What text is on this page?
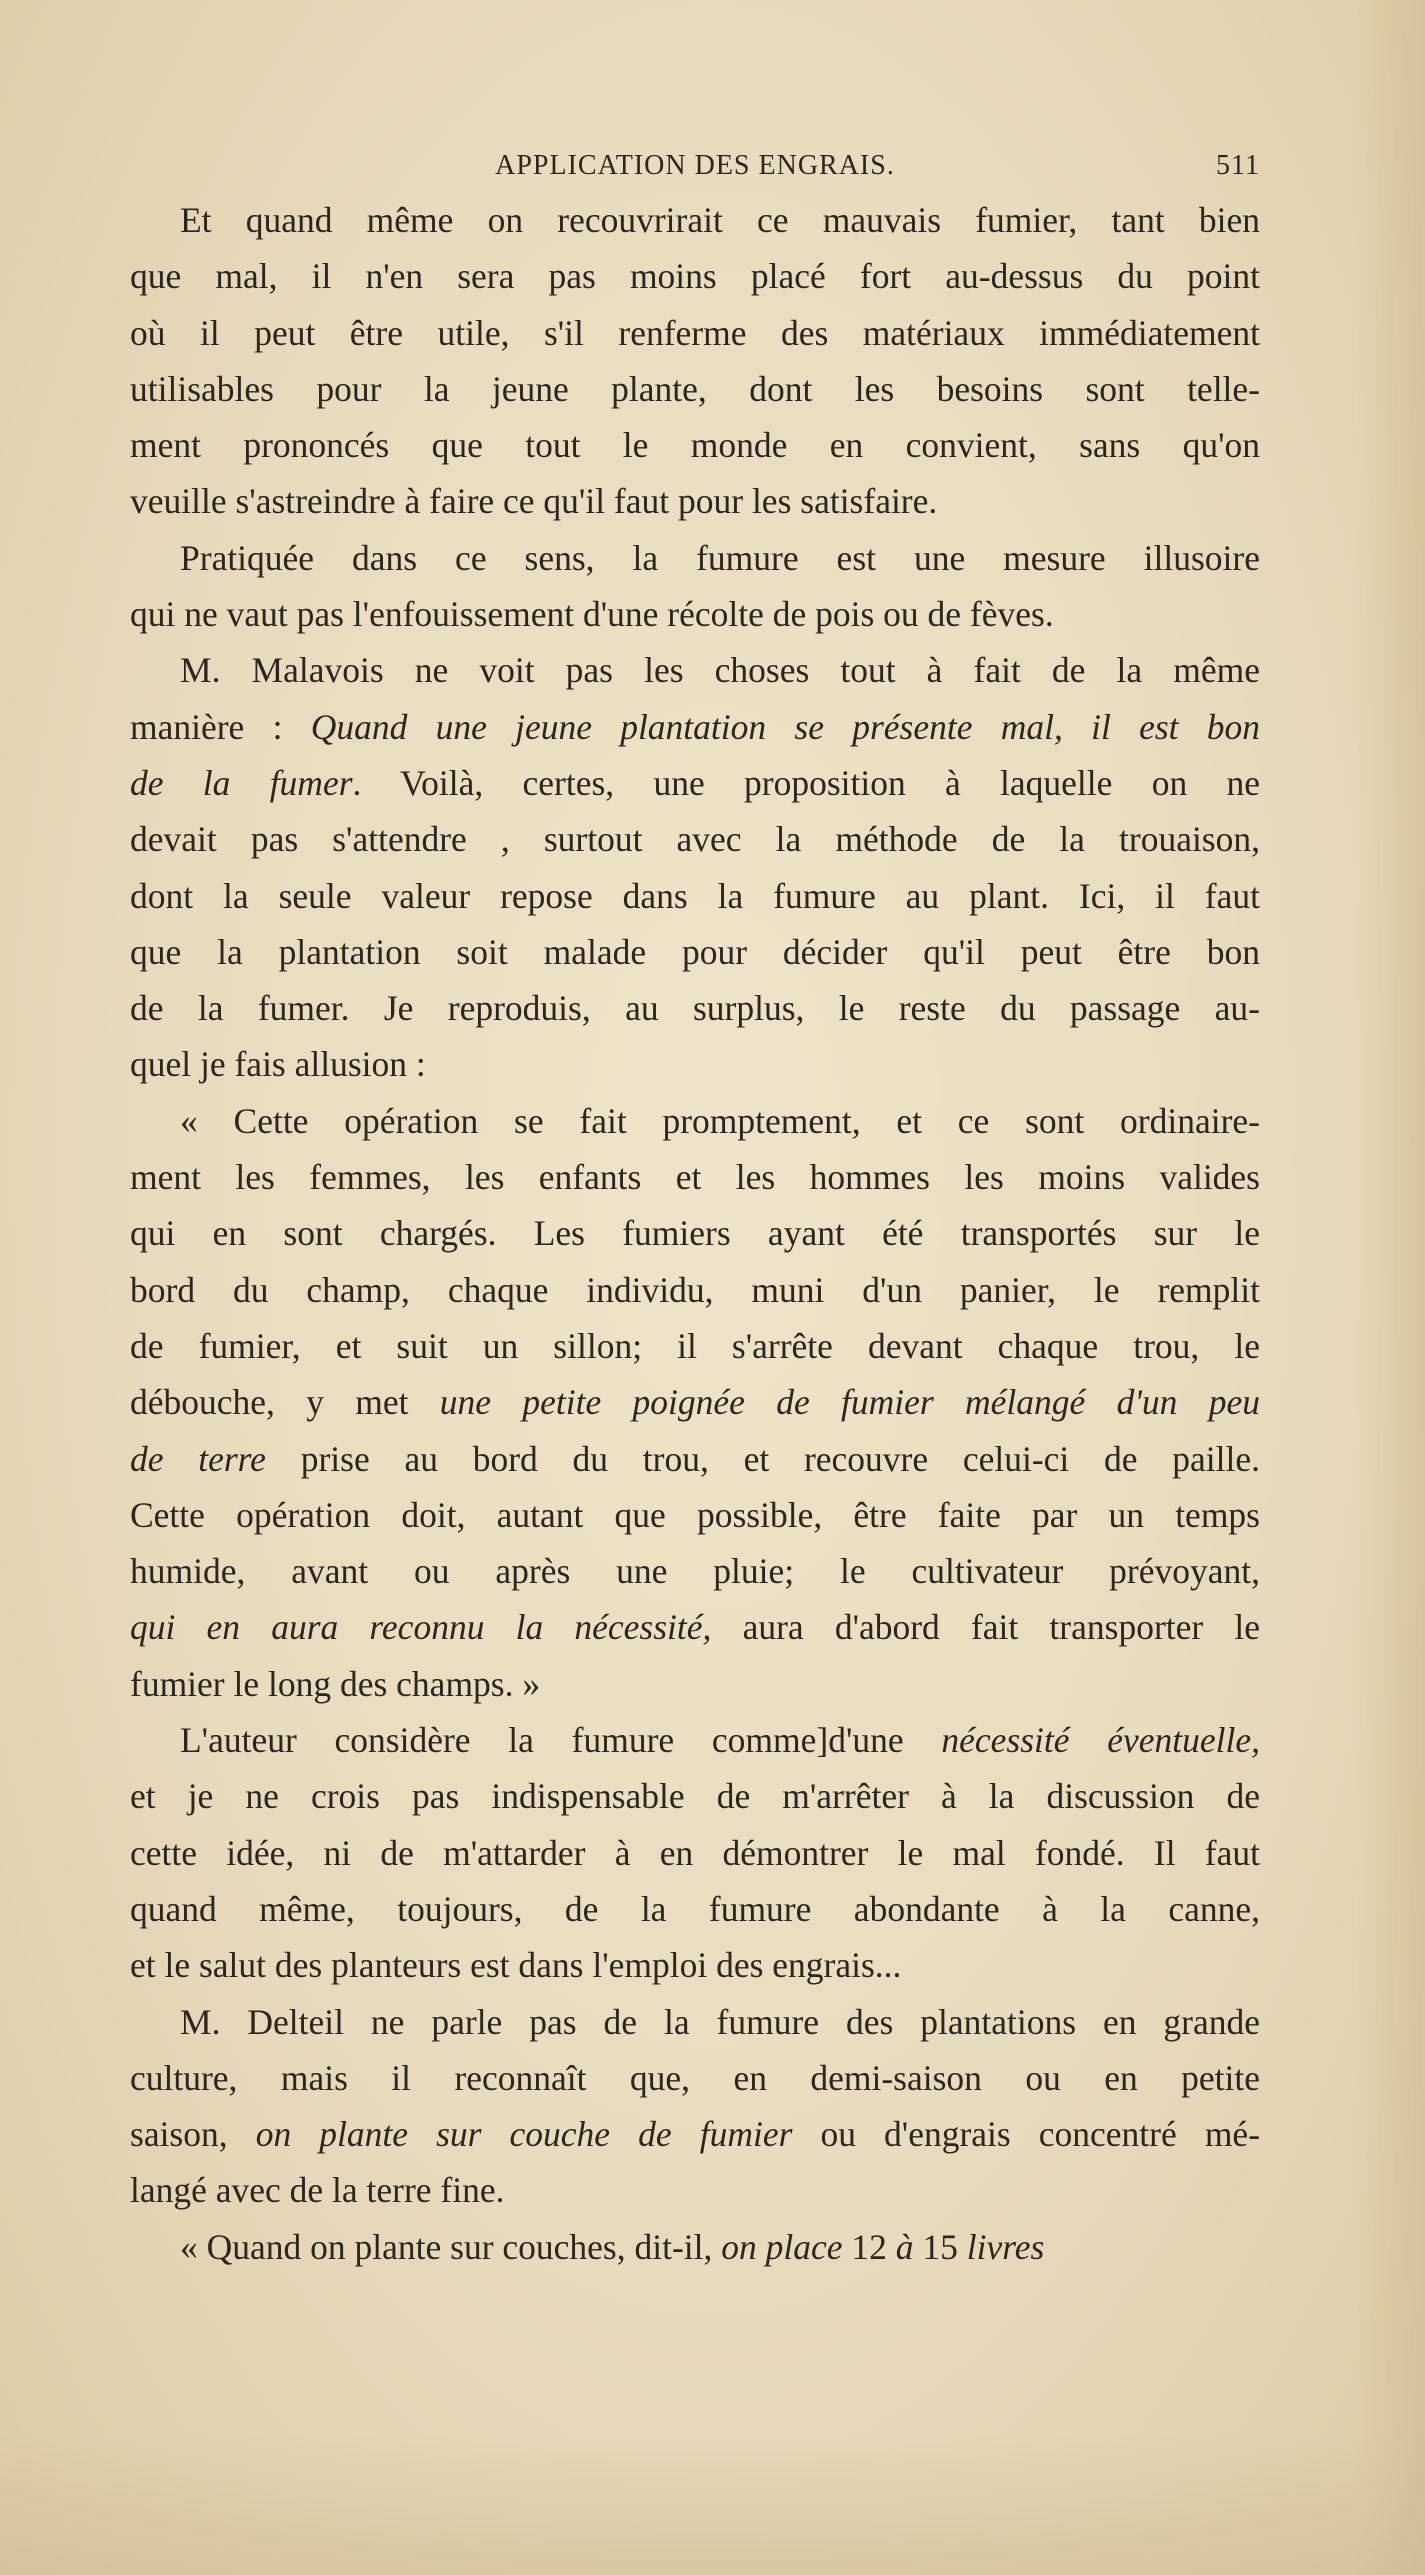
APPLICATION DES ENGRAIS.	511
Et quand même on recouvrirait ce mauvais fumier, tant bien
que mal, il n'en sera pas moins placé fort au-dessus du point
où il peut être utile, s'il renferme des matériaux immédiatement
utilisables pour la jeune plante, dont les besoins sont telle-
ment prononcés que tout le monde en convient, sans qu'on
veuille s'astreindre à faire ce qu'il faut pour les satisfaire.
Pratiquée dans ce sens, la fumure est une mesure illusoire
qui ne vaut pas l'enfouissement d'une récolte de pois ou de fèves.
M. Malavois ne voit pas les choses tout à fait de la même
manière : Quand une jeune plantation se présente mal, il est bon
de la fumer. Voilà, certes, une proposition à laquelle on ne
devait pas s'attendre , surtout avec la méthode de la trouaison,
dont la seule valeur repose dans la fumure au plant. Ici, il faut
que la plantation soit malade pour décider qu'il peut être bon
de la fumer. Je reproduis, au surplus, le reste du passage au-
quel je fais allusion :
« Cette opération se fait promptement, et ce sont ordinaire-
ment les femmes, les enfants et les hommes les moins valides
qui en sont chargés. Les fumiers ayant été transportés sur le
bord du champ, chaque individu, muni d'un panier, le remplit
de fumier, et suit un sillon; il s'arrête devant chaque trou, le
débouche, y met une petite poignée de fumier mélangé d'un peu
de terre prise au bord du trou, et recouvre celui-ci de paille.
Cette opération doit, autant que possible, être faite par un temps
humide, avant ou après une pluie; le cultivateur prévoyant,
qui en aura reconnu la nécessité, aura d'abord fait transporter le
fumier le long des champs. »
L'auteur considère la fumure comme]d'une nécessité éventuelle,
et je ne crois pas indispensable de m'arrêter à la discussion de
cette idée, ni de m'attarder à en démontrer le mal fondé. Il faut
quand même, toujours, de la fumure abondante à la canne,
et le salut des planteurs est dans l'emploi des engrais...
M. Delteil ne parle pas de la fumure des plantations en grande
culture, mais il reconnaît que, en demi-saison ou en petite
saison, on plante sur couche de fumier ou d'engrais concentré mé-
langé avec de la terre fine.
« Quand on plante sur couches, dit-il, on place 12 à 15 livres
